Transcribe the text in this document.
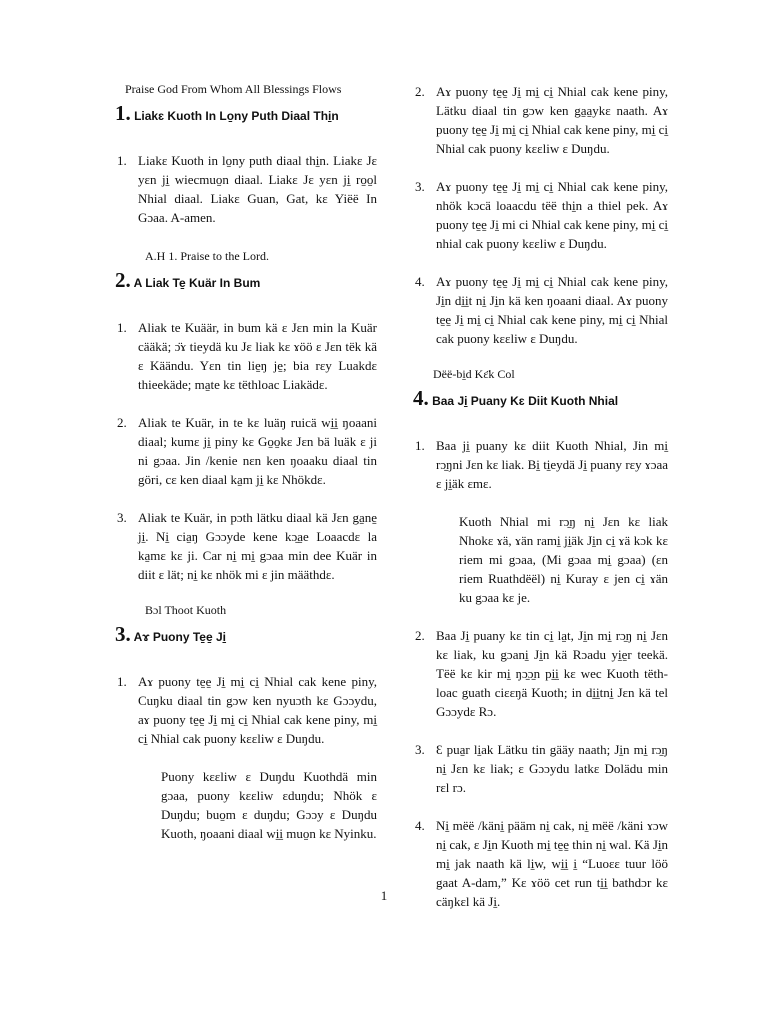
Praise God From Whom All Blessings Flows
1. Liakɛ Kuoth In Lo̱ny Puth Diaal Thi̱n
1. Liakɛ Kuoth in lo̱ny puth diaal thi̱n. Liakɛ Jɛ yɛn ji̱ wiecmuo̱n diaal. Liakɛ Jɛ yɛn ji̱ ro̱o̱l Nhial diaal. Liakɛ Guan, Gat, kɛ Yiëë In Gɔaa. A-amen.
A.H 1. Praise to the Lord.
2. A Liak Te̱ Kuär In Bum
1. Aliak te Kuäär, in bum kä ɛ Jɛn min la Kuär cääkä; ɔ̈ɤ tieydä ku Jɛ liak kɛ ɤöö ɛ Jɛn tëk kä ɛ Käändu. Yɛn tin lie̱ŋ je̱; bia rɛy Luakdɛ thieekäde; ma̱te kɛ tëthloac Liakädɛ.
2. Aliak te Kuär, in te kɛ luäŋ ruicä wi̱i̱ ŋoaani diaal; kumɛ ji̱ piny kɛ Go̱o̱kɛ Jɛn bä luäk ɛ ji ni gɔaa. Jin /kenie nɛn ken ŋoaaku diaal tin göri, cɛ ken diaal ka̱m ji̱ kɛ Nhökdɛ.
3. Aliak te Kuär, in pɔth lätku diaal kä Jɛn ga̱ne̱ ji̱. Ni̱ cia̱ŋ Gɔɔyde kene kɔ̱a̱e Loaacdɛ la ka̱mɛ kɛ ji. Car ni̱ mi̱ gɔaa min dee Kuär in diit ɛ lät; ni̱ kɛ nhök mi ɛ jin määthdɛ.
Bɔl Thoot Kuoth
3. Aɤ Puony Te̱e̱ Ji̱
1. Aɤ puony te̱e̱ Ji̱ mi̱ ci̱ Nhial cak kene piny, Cuŋku diaal tin gɔw ken nyuɔth kɛ Gɔɔydu, aɤ puony te̱e̱ Ji̱ mi̱ ci̱ Nhial cak kene piny, mi̱ ci̱ Nhial cak puony kɛɛliw ɛ Duŋdu.
Puony kɛɛliw ɛ Duŋdu Kuothdä min gɔaa, puony kɛɛliw ɛduŋdu; Nhök ɛ Duŋdu; buo̱m ɛ duŋdu; Gɔɔy ɛ Duŋdu Kuoth, ŋoaani diaal wi̱i̱ muo̱n kɛ Nyinku.
2. Aɤ puony te̱e̱ Ji̱ mi̱ ci̱ Nhial cak kene piny, Lätku diaal tin gɔw ken ga̱a̱ykɛ naath. Aɤ puony te̱e̱ Ji̱ mi̱ ci̱ Nhial cak kene piny, mi̱ ci̱ Nhial cak puony kɛɛliw ɛ Duŋdu.
3. Aɤ puony te̱e̱ Ji̱ mi̱ ci̱ Nhial cak kene piny, nhök kɔcä loaacdu tëë thi̱n a thiel pek. Aɤ puony te̱e̱ Ji̱ mi ci Nhial cak kene piny, mi̱ ci̱ nhial cak puony kɛɛliw ɛ Duŋdu.
4. Aɤ puony te̱e̱ Ji̱ mi̱ ci̱ Nhial cak kene piny, Ji̱n di̱i̱t ni̱ Ji̱n kä ken ŋoaani diaal. Aɤ puony te̱e̱ Ji̱ mi̱ ci̱ Nhial cak kene piny, mi̱ ci̱ Nhial cak puony kɛɛliw ɛ Duŋdu.
Dëë-bi̱d Kɛ̈k Col
4. Baa Ji̱ Puany Kɛ Diit Kuoth Nhial
1. Baa ji̱ puany kɛ diit Kuoth Nhial, Jin mi̱ rɔ̱ŋni Jɛn kɛ liak. Bi̱ ti̱eydä Ji̱ puany rɛy ɤɔaa ɛ ji̱äk ɛmɛ.
Kuoth Nhial mi rɔ̱ŋ ni̱ Jɛn kɛ liak Nhokɛ ɤä, ɤän rami̱ ji̱äk Ji̱n ci̱ ɤä kɔk kɛ riem mi gɔaa, (Mi gɔaa mi̱ gɔaa) (ɛn riem Ruathdëël) ni̱ Kuray ɛ jen ci̱ ɤän ku gɔaa kɛ je.
2. Baa Ji̱ puany kɛ tin ci̱ la̱t, Ji̱n mi̱ rɔ̱ŋ ni̱ Jɛn kɛ liak, ku gɔani̱ Ji̱n kä Rɔadu yi̱e̱r teekä. Tëë kɛ kir mi̱ ŋɔ̱ɔ̱n pi̱i̱ kɛ wec Kuoth tëth-loac guath ciɛɛŋä Kuoth; in di̱i̱tni̱ Jɛn kä tel Gɔɔydɛ Rɔ.
3. Ɛ pua̱r li̱ak Lätku tin gääy naath; Ji̱n mi̱ rɔ̱ŋ ni̱ Jɛn kɛ liak; ɛ Gɔɔydu latkɛ Dolädu min rɛl rɔ.
4. Ni̱ mëë /käni̱ pääm ni̱ cak, ni̱ mëë /käni ɤɔw ni̱ cak, ɛ Ji̱n Kuoth mi̱ te̱e̱ thin ni̱ wal. Kä Ji̱n mi̱ jak naath kä li̱w, wi̱i̱ i̱ “Luoɛɛ tuur löö gaat A-dam,” Kɛ ɤöö cet run ti̱i̱ bathdɔr kɛ cäŋkɛl kä Ji̱.
1
